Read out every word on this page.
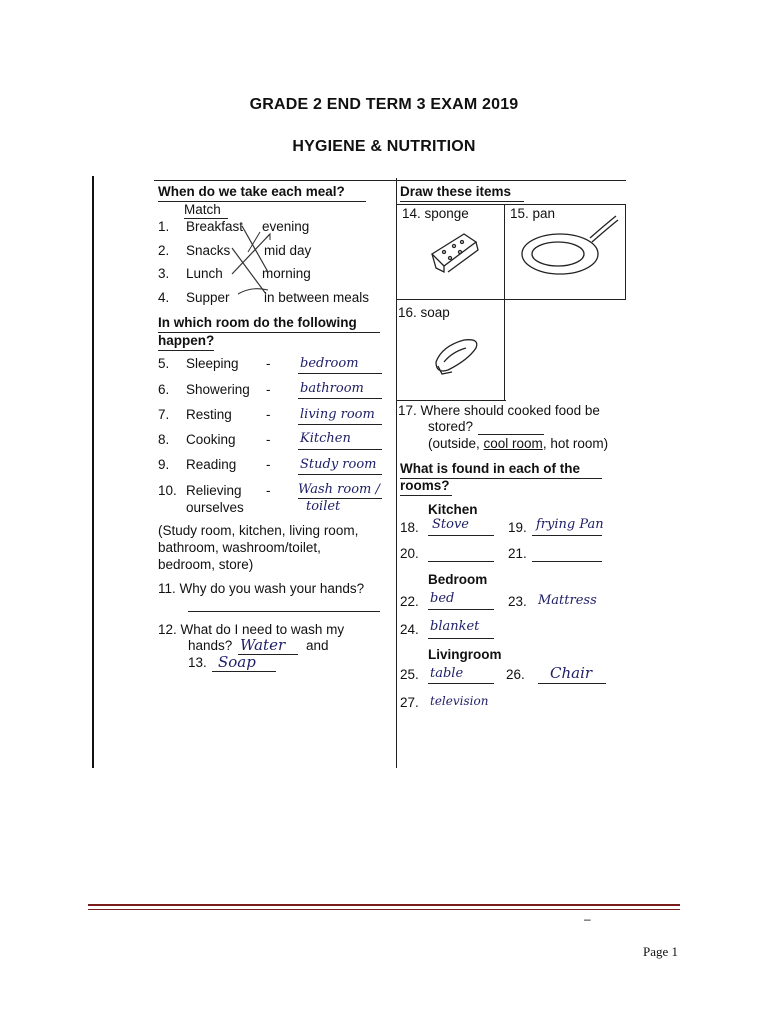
GRADE 2 END TERM 3 EXAM 2019
HYGIENE & NUTRITION
When do we take each meal?
Match
1. Breakfast evening
2. Snacks mid day
3. Lunch	morning
4. Supper	in between meals
In which room do the following
happen?
5. Sleeping - bedroom
6. Showering - bathroom
7. Resting	- living room
8. Cooking - Kitchen
9. Reading - Study room
10. Relieving - Wash room /
ourselves	toilet
(Study room, kitchen, living room,
bathroom, washroom/toilet,
bedroom, store)
11. Why do you wash your hands?
12. What do I need to wash my
hands? Water and
13. Soap
Draw these items
14. sponge	15. pan
16. soap
17. Where should cooked food be
stored?
(outside, cool room, hot room)
What is found in each of the
rooms?
Kitchen
18. Stove	19. frying Pan
20.	21.
Bedroom
22. bed	23. Mattress
24. blanket
Livingroom
25. table	26. Chair
27. television
–
Page 1
